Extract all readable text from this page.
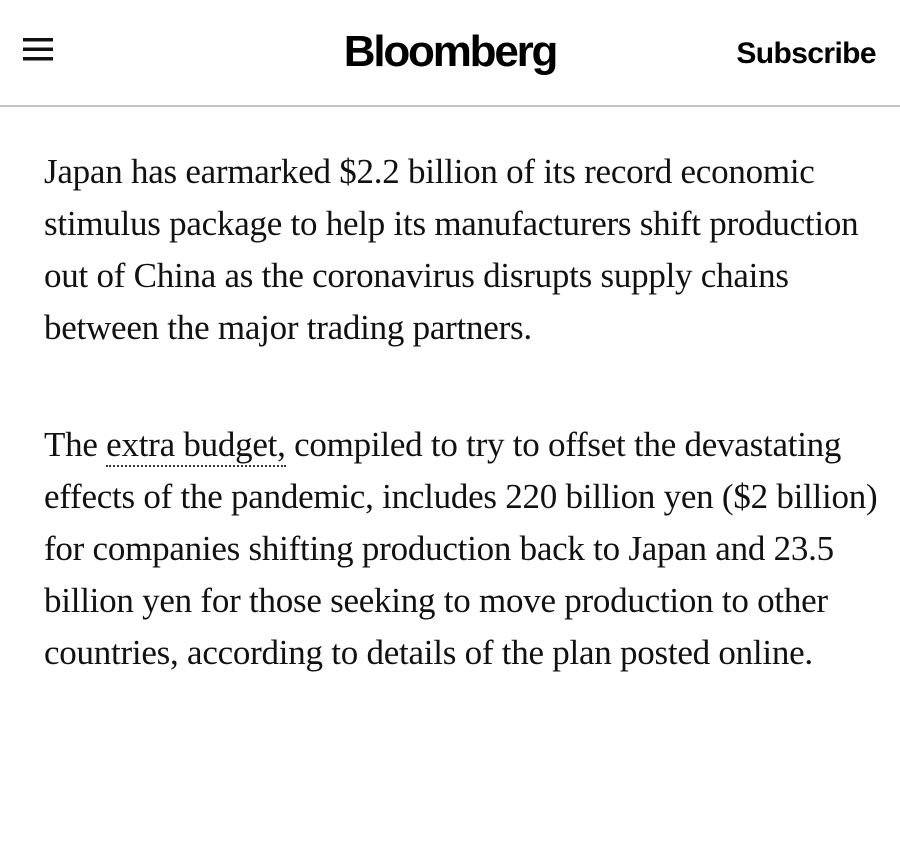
Bloomberg	Subscribe

Japan has earmarked $2.2 billion of its record economic stimulus package to help its manufacturers shift production out of China as the coronavirus disrupts supply chains between the major trading partners.

The extra budget, compiled to try to offset the devastating effects of the pandemic, includes 220 billion yen ($2 billion) for companies shifting production back to Japan and 23.5 billion yen for those seeking to move production to other countries, according to details of the plan posted online.
